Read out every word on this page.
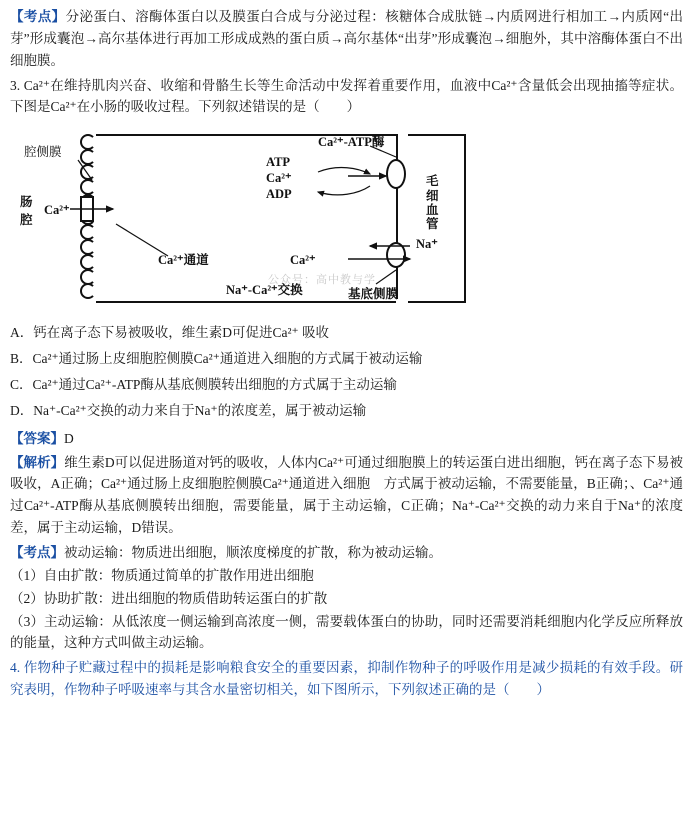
【考点】分泌蛋白、溶酶体蛋白以及膜蛋白合成与分泌过程：核糖体合成肽链→内质网进行相加工→内质网“出芽”形成囊泡→高尔基体进行再加工形成成熟的蛋白质→高尔基体“出芽”形成囊泡→细胞外，其中溶酶体蛋白不出细胞膜。

3. Ca²⁺在维持肌肉兴奋、收缩和骨骼生长等生命活动中发挥着重要作用，血液中Ca²⁺含量低会出现抽搐等症状。下图是Ca²⁺在小肠的吸收过程。下列叙述错误的是（　　）

腔侧膜
肠
腔
Ca²⁺
Ca²⁺通道
Ca²⁺-ATP酶
ATP
Ca²⁺
ADP
Na⁺
Ca²⁺
Na⁺-Ca²⁺交换	基底侧膜
毛细血管
公众号：高中教与学

A．钙在离子态下易被吸收，维生素D可促进Ca²⁺ 吸收

B．Ca²⁺通过肠上皮细胞腔侧膜Ca²⁺通道进入细胞的方式属于被动运输

C．Ca²⁺通过Ca²⁺-ATP酶从基底侧膜转出细胞的方式属于主动运输

D．Na⁺-Ca²⁺交换的动力来自于Na⁺的浓度差，属于被动运输

【答案】D

【解析】维生素D可以促进肠道对钙的吸收，人体内Ca²⁺可通过细胞膜上的转运蛋白进出细胞，钙在离子态下易被吸收，A正确；Ca²⁺通过肠上皮细胞腔侧膜Ca²⁺通道进入细胞　方式属于被动运输，不需要能量，B正确；、Ca²⁺通过Ca²⁺-ATP酶从基底侧膜转出细胞，需要能量，属于主动运输，C正确；Na⁺-Ca²⁺交换的动力来自于Na⁺的浓度差，属于主动运输，D错误。

【考点】被动运输：物质进出细胞，顺浓度梯度的扩散，称为被动运输。

（1）自由扩散：物质通过简单的扩散作用进出细胞

（2）协助扩散：进出细胞的物质借助转运蛋白的扩散

（3）主动运输：从低浓度一侧运输到高浓度一侧，需要载体蛋白的协助，同时还需要消耗细胞内化学反应所释放的能量，这种方式叫做主动运输。

4. 作物种子贮藏过程中的损耗是影响粮食安全的重要因素，抑制作物种子的呼吸作用是减少损耗的有效手段。研究表明，作物种子呼吸速率与其含水量密切相关，如下图所示，下列叙述正确的是（　　）
